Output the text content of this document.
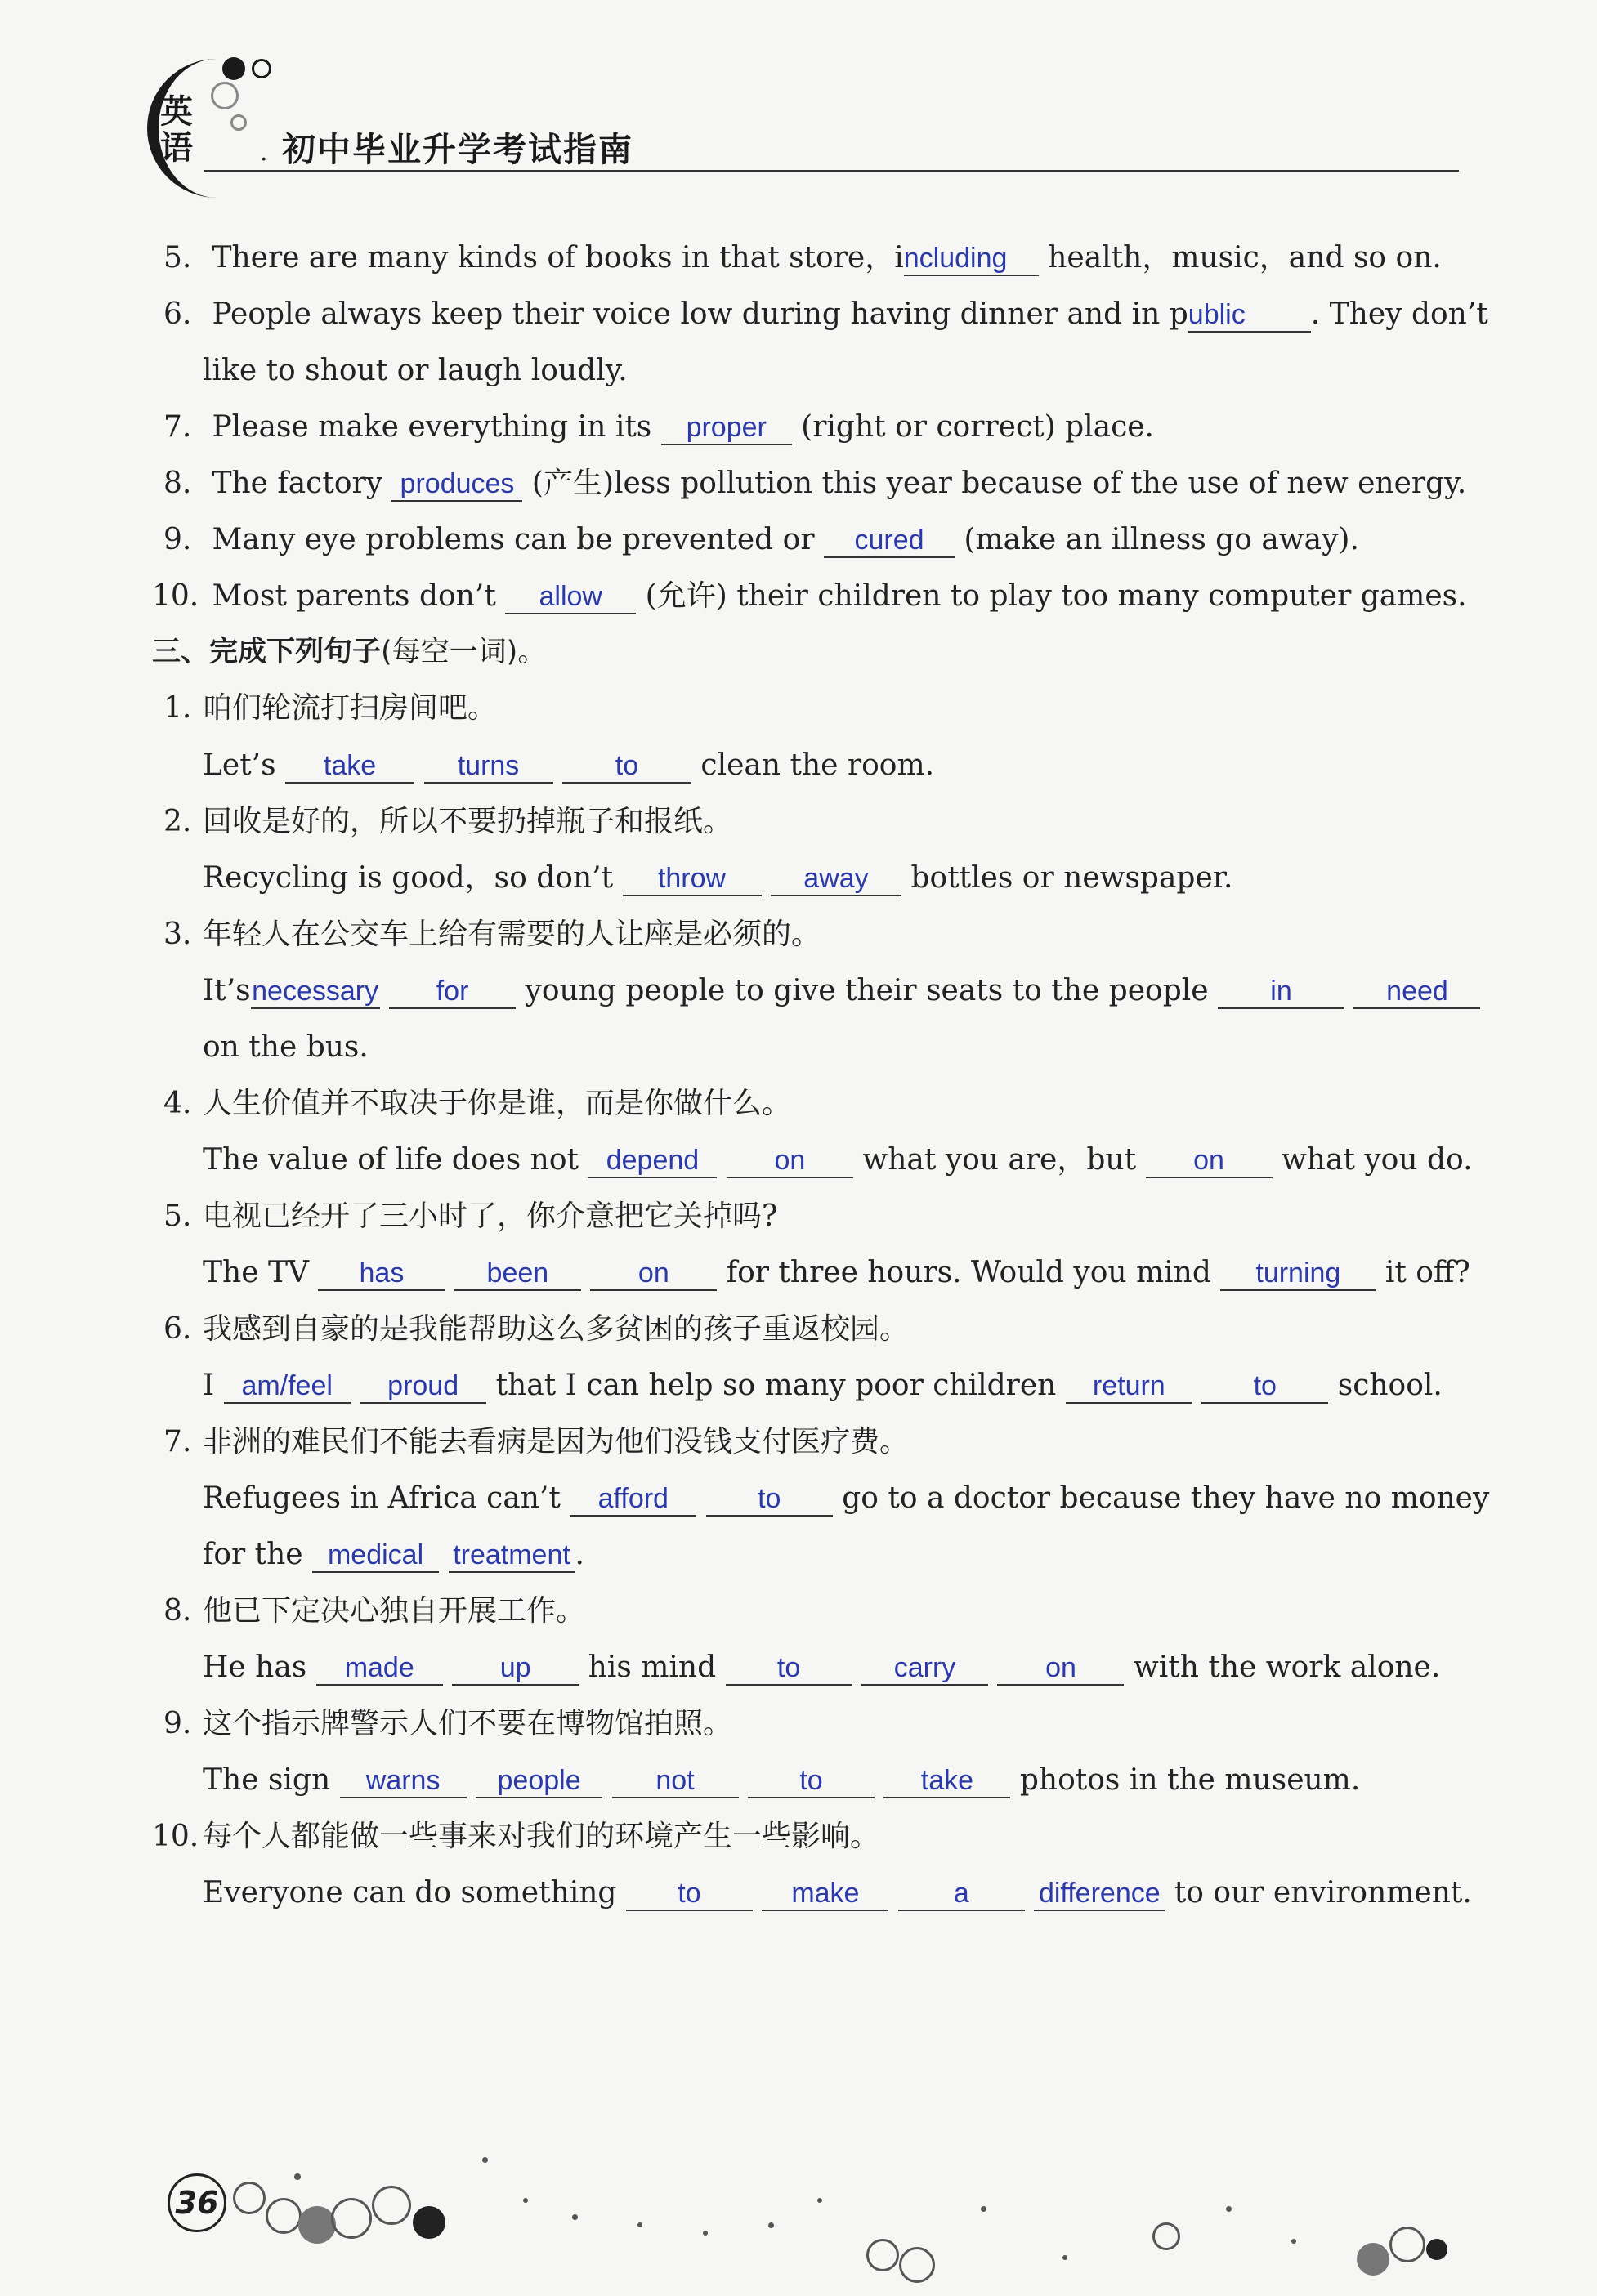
英语	· 初中毕业升学考试指南
5. There are many kinds of books in that store，including health，music，and so on.
6. People always keep their voice low during having dinner and in public . They don’t
like to shout or laugh loudly.
7. Please make everything in its proper (right or correct) place.
8. The factory produces (产生)less pollution this year because of the use of new energy.
9. Many eye problems can be prevented or cured (make an illness go away).
10. Most parents don’t allow (允许) their children to play too many computer games.
三、完成下列句子(每空一词)。
1. 咱们轮流打扫房间吧。
Let’s take	turns	to clean the room.
2. 回收是好的，所以不要扔掉瓶子和报纸。
Recycling is good，so don’t throw	away bottles or newspaper.
3. 年轻人在公交车上给有需要的人让座是必须的。
It’snecessary for young people to give their seats to the people in	need
on the bus.
4. 人生价值并不取决于你是谁，而是你做什么。
The value of life does not depend	on what you are，but on what you do.
5. 电视已经开了三小时了，你介意把它关掉吗?
The TV has	been	on for three hours. Would you mind turning it off?
6. 我感到自豪的是我能帮助这么多贫困的孩子重返校园。
I am/feel proud that I can help so many poor children return	to school.
7. 非洲的难民们不能去看病是因为他们没钱支付医疗费。
Refugees in Africa can’t afford	to go to a doctor because they have no money
for the medical treatment .
8. 他已下定决心独自开展工作。
He has made	up his mind to	carry	on with the work alone.
9. 这个指示牌警示人们不要在博物馆拍照。
The sign warns people	not	to	take photos in the museum.
10. 每个人都能做一些事来对我们的环境产生一些影响。
Everyone can do something to	make	a	difference to our environment.
36
